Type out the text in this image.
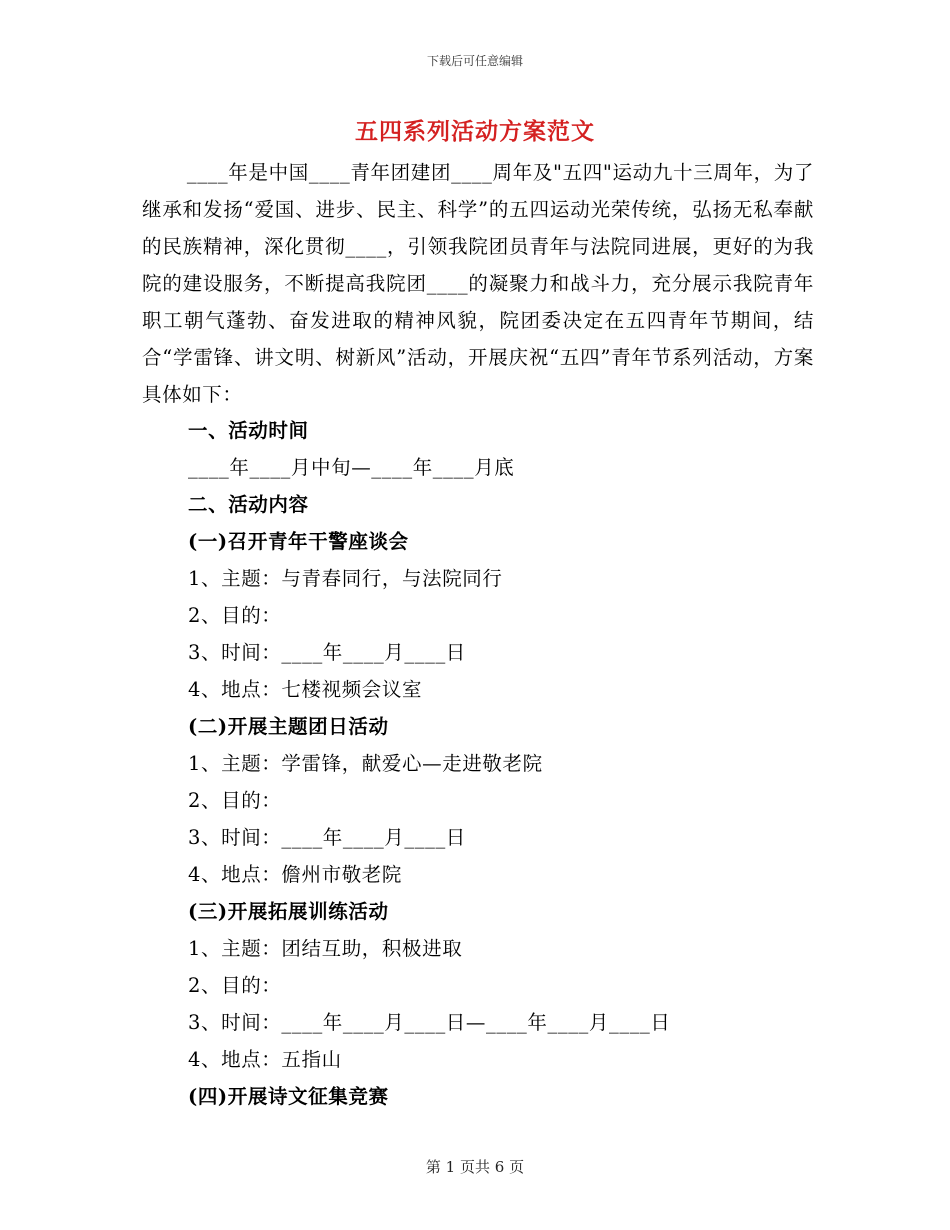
下载后可任意编辑
五四系列活动方案范文

____年是中国____青年团建团____周年及"五四"运动九十三周年，为了继承和发扬“爱国、进步、民主、科学”的五四运动光荣传统，弘扬无私奉献的民族精神，深化贯彻____，引领我院团员青年与法院同进展，更好的为我院的建设服务，不断提高我院团____的凝聚力和战斗力，充分展示我院青年职工朝气蓬勃、奋发进取的精神风貌，院团委决定在五四青年节期间，结合“学雷锋、讲文明、树新风”活动，开展庆祝“五四”青年节系列活动，方案具体如下：

一、活动时间
____年____月中旬—____年____月底
二、活动内容
(一)召开青年干警座谈会
1、主题：与青春同行，与法院同行
2、目的：
3、时间：____年____月____日
4、地点：七楼视频会议室
(二)开展主题团日活动
1、主题：学雷锋，献爱心—走进敬老院
2、目的：
3、时间：____年____月____日
4、地点：儋州市敬老院
(三)开展拓展训练活动
1、主题：团结互助，积极进取
2、目的：
3、时间：____年____月____日—____年____月____日
4、地点：五指山
(四)开展诗文征集竞赛
第 1 页共 6 页
